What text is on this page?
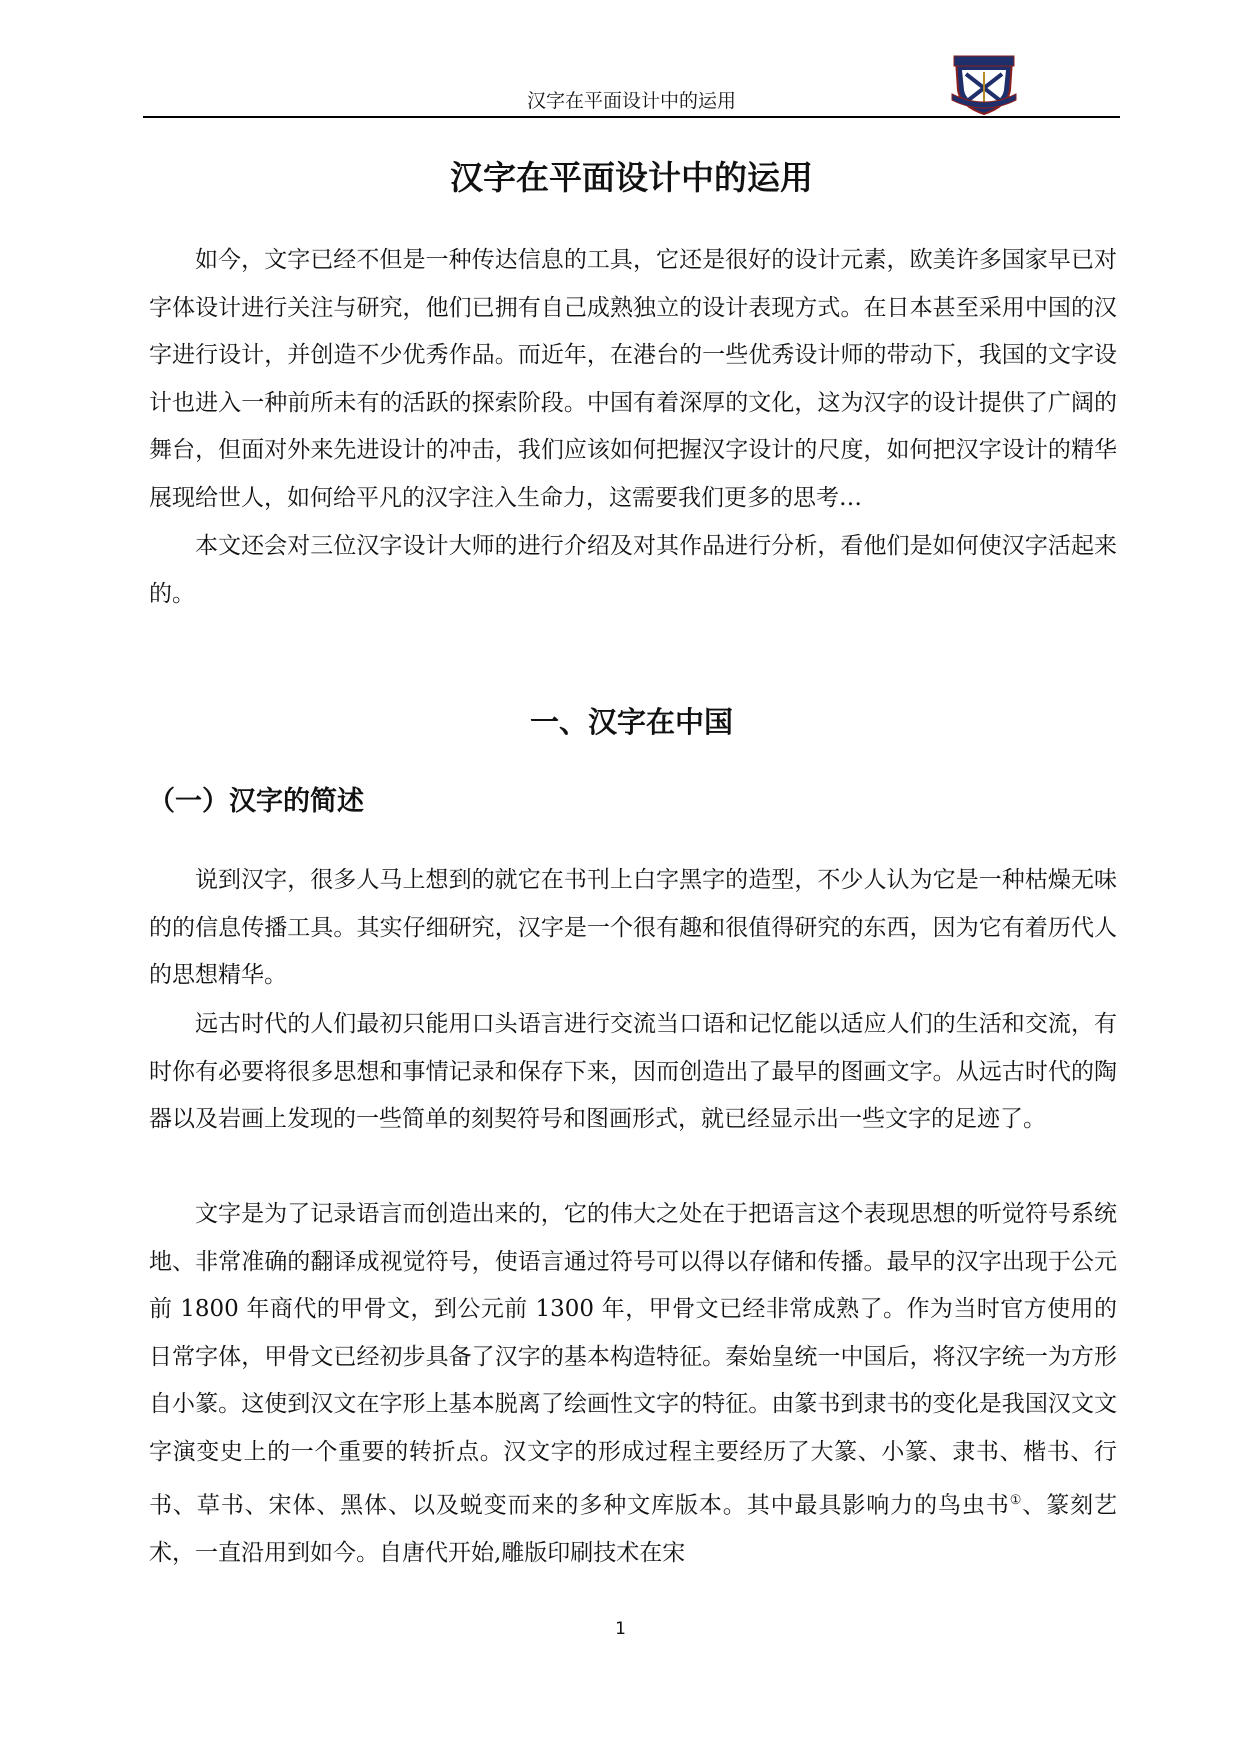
汉字在平面设计中的运用
汉字在平面设计中的运用

如今，文字已经不但是一种传达信息的工具，它还是很好的设计元素，欧美许多国家早已对字体设计进行关注与研究，他们已拥有自己成熟独立的设计表现方式。在日本甚至采用中国的汉字进行设计，并创造不少优秀作品。而近年，在港台的一些优秀设计师的带动下，我国的文字设计也进入一种前所未有的活跃的探索阶段。中国有着深厚的文化，这为汉字的设计提供了广阔的舞台，但面对外来先进设计的冲击，我们应该如何把握汉字设计的尺度，如何把汉字设计的精华展现给世人，如何给平凡的汉字注入生命力，这需要我们更多的思考…

本文还会对三位汉字设计大师的进行介绍及对其作品进行分析，看他们是如何使汉字活起来的。

一、汉字在中国
（一）汉字的简述

说到汉字，很多人马上想到的就它在书刊上白字黑字的造型，不少人认为它是一种枯燥无味的的信息传播工具。其实仔细研究，汉字是一个很有趣和很值得研究的东西，因为它有着历代人的思想精华。

远古时代的人们最初只能用口头语言进行交流当口语和记忆能以适应人们的生活和交流，有时你有必要将很多思想和事情记录和保存下来，因而创造出了最早的图画文字。从远古时代的陶器以及岩画上发现的一些简单的刻契符号和图画形式，就已经显示出一些文字的足迹了。

文字是为了记录语言而创造出来的，它的伟大之处在于把语言这个表现思想的听觉符号系统地、非常准确的翻译成视觉符号，使语言通过符号可以得以存储和传播。最早的汉字出现于公元前 1800 年商代的甲骨文，到公元前 1300 年，甲骨文已经非常成熟了。作为当时官方使用的日常字体，甲骨文已经初步具备了汉字的基本构造特征。秦始皇统一中国后，将汉字统一为方形自小篆。这使到汉文在字形上基本脱离了绘画性文字的特征。由篆书到隶书的变化是我国汉文文字演变史上的一个重要的转折点。汉文字的形成过程主要经历了大篆、小篆、隶书、楷书、行书、草书、宋体、黑体、以及蜕变而来的多种文库版本。其中最具影响力的鸟虫书①、篆刻艺术，一直沿用到如今。自唐代开始,雕版印刷技术在宋

1
